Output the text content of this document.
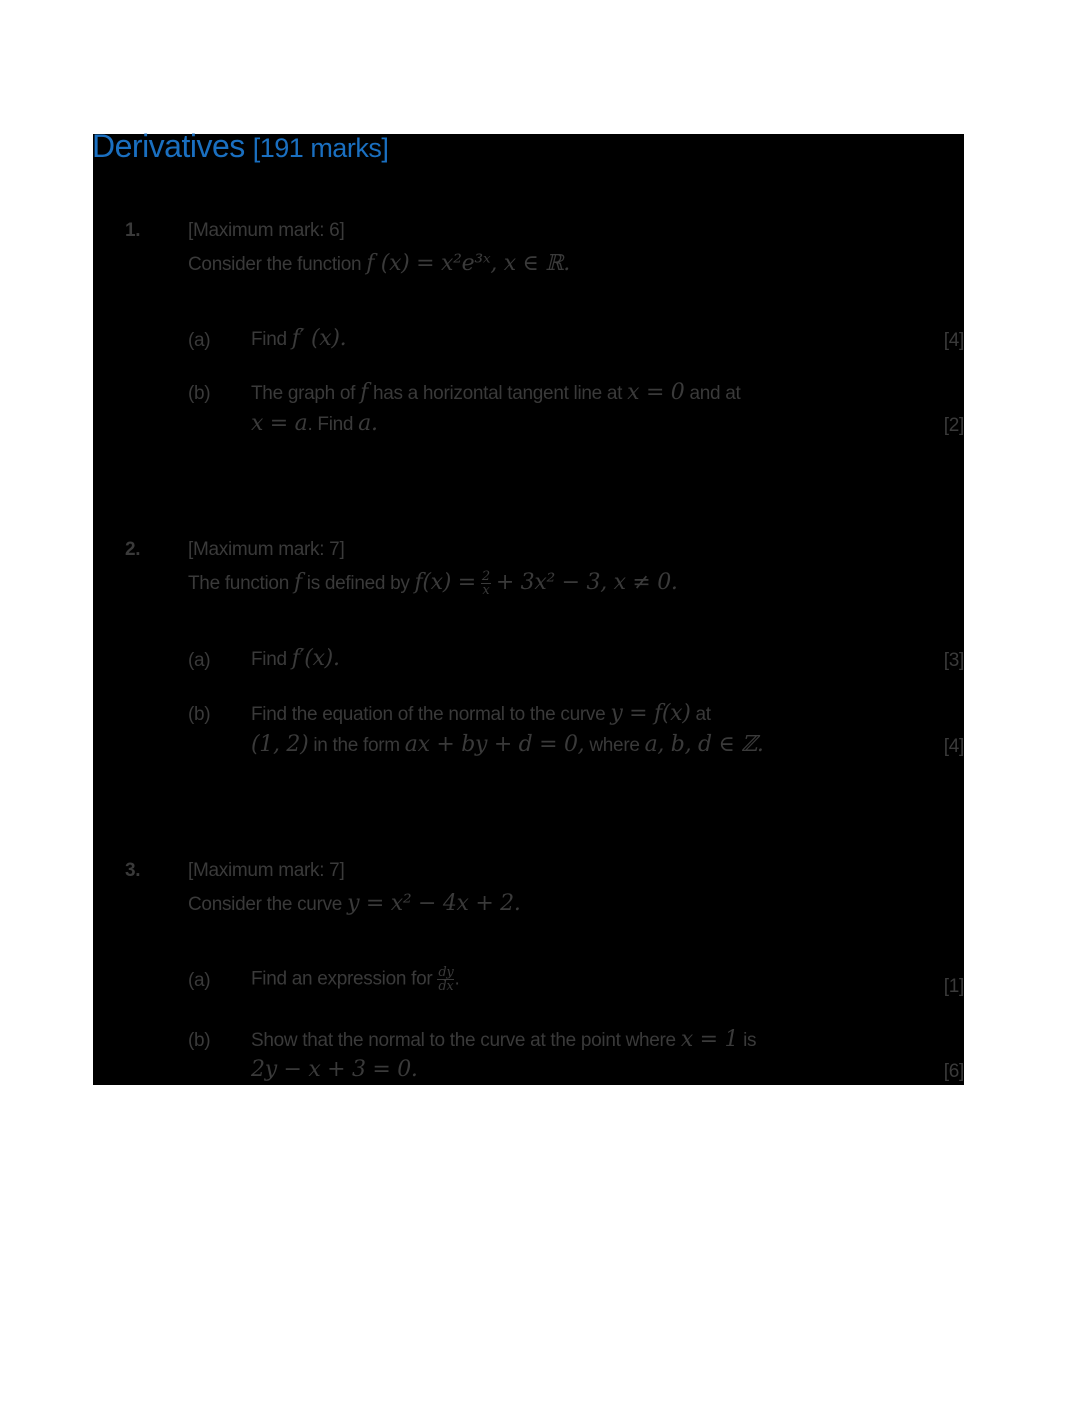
1.	[Maximum mark: 6]
Consider the function f (x) = x²e³ˣ, x ∈ ℝ.
(a) Find f′ (x).	[4]
(b) The graph of f has a horizontal tangent line at x = 0 and at
x = a. Find a.	[2]
2.	[Maximum mark: 7]
The function f is defined by $f(x) = \frac{2}{x} + 3x^2 - 3$, x ≠ 0.
(a) Find f′(x).	[3]
(b) Find the equation of the normal to the curve y = f(x) at
(1, 2) in the form ax + by + d = 0, where a, b, d ∈ ℤ.	[4]
3.	[Maximum mark: 7]
Consider the curve y = x² − 4x + 2.
(a) Find an expression for $\frac{dy}{dx}$ .	[1]
(b) Show that the normal to the curve at the point where x = 1 is
2y − x + 3 = 0.	[6]
Derivatives [191 marks]
